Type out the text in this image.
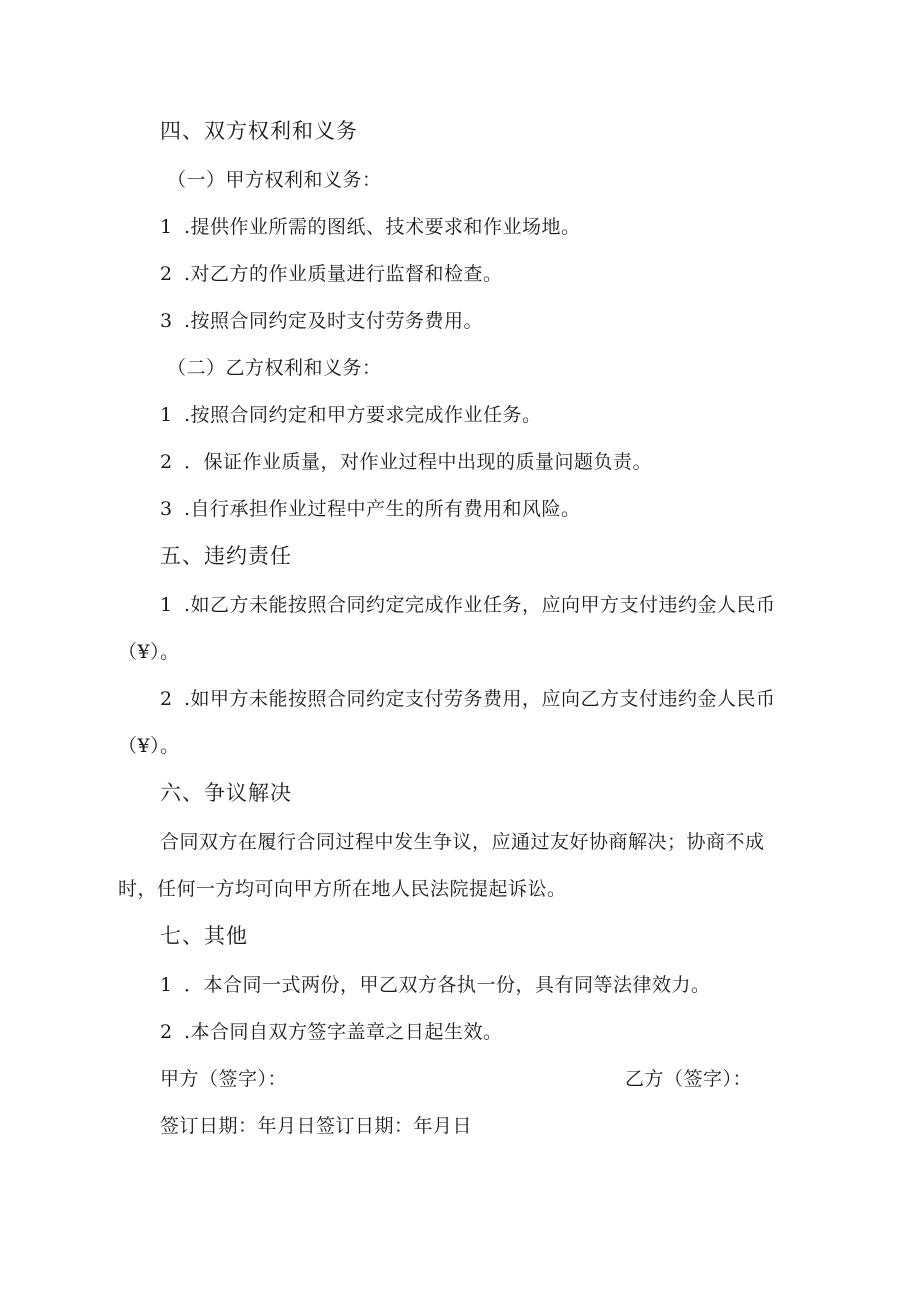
四、双方权利和义务
（一）甲方权利和义务：
1 .提供作业所需的图纸、技术要求和作业场地。
2 .对乙方的作业质量进行监督和检查。
3 .按照合同约定及时支付劳务费用。
（二）乙方权利和义务：
1 .按照合同约定和甲方要求完成作业任务。
2 ．保证作业质量，对作业过程中出现的质量问题负责。
3 .自行承担作业过程中产生的所有费用和风险。
五、违约责任
1 .如乙方未能按照合同约定完成作业任务，应向甲方支付违约金人民币
（¥）。
2 .如甲方未能按照合同约定支付劳务费用，应向乙方支付违约金人民币
（¥）。
六、争议解决
合同双方在履行合同过程中发生争议，应通过友好协商解决；协商不成
时，任何一方均可向甲方所在地人民法院提起诉讼。
七、其他
1 ．本合同一式两份，甲乙双方各执一份，具有同等法律效力。
2 .本合同自双方签字盖章之日起生效。
甲方（签字）：	乙方（签字）：
签订日期：年月日签订日期：年月日
